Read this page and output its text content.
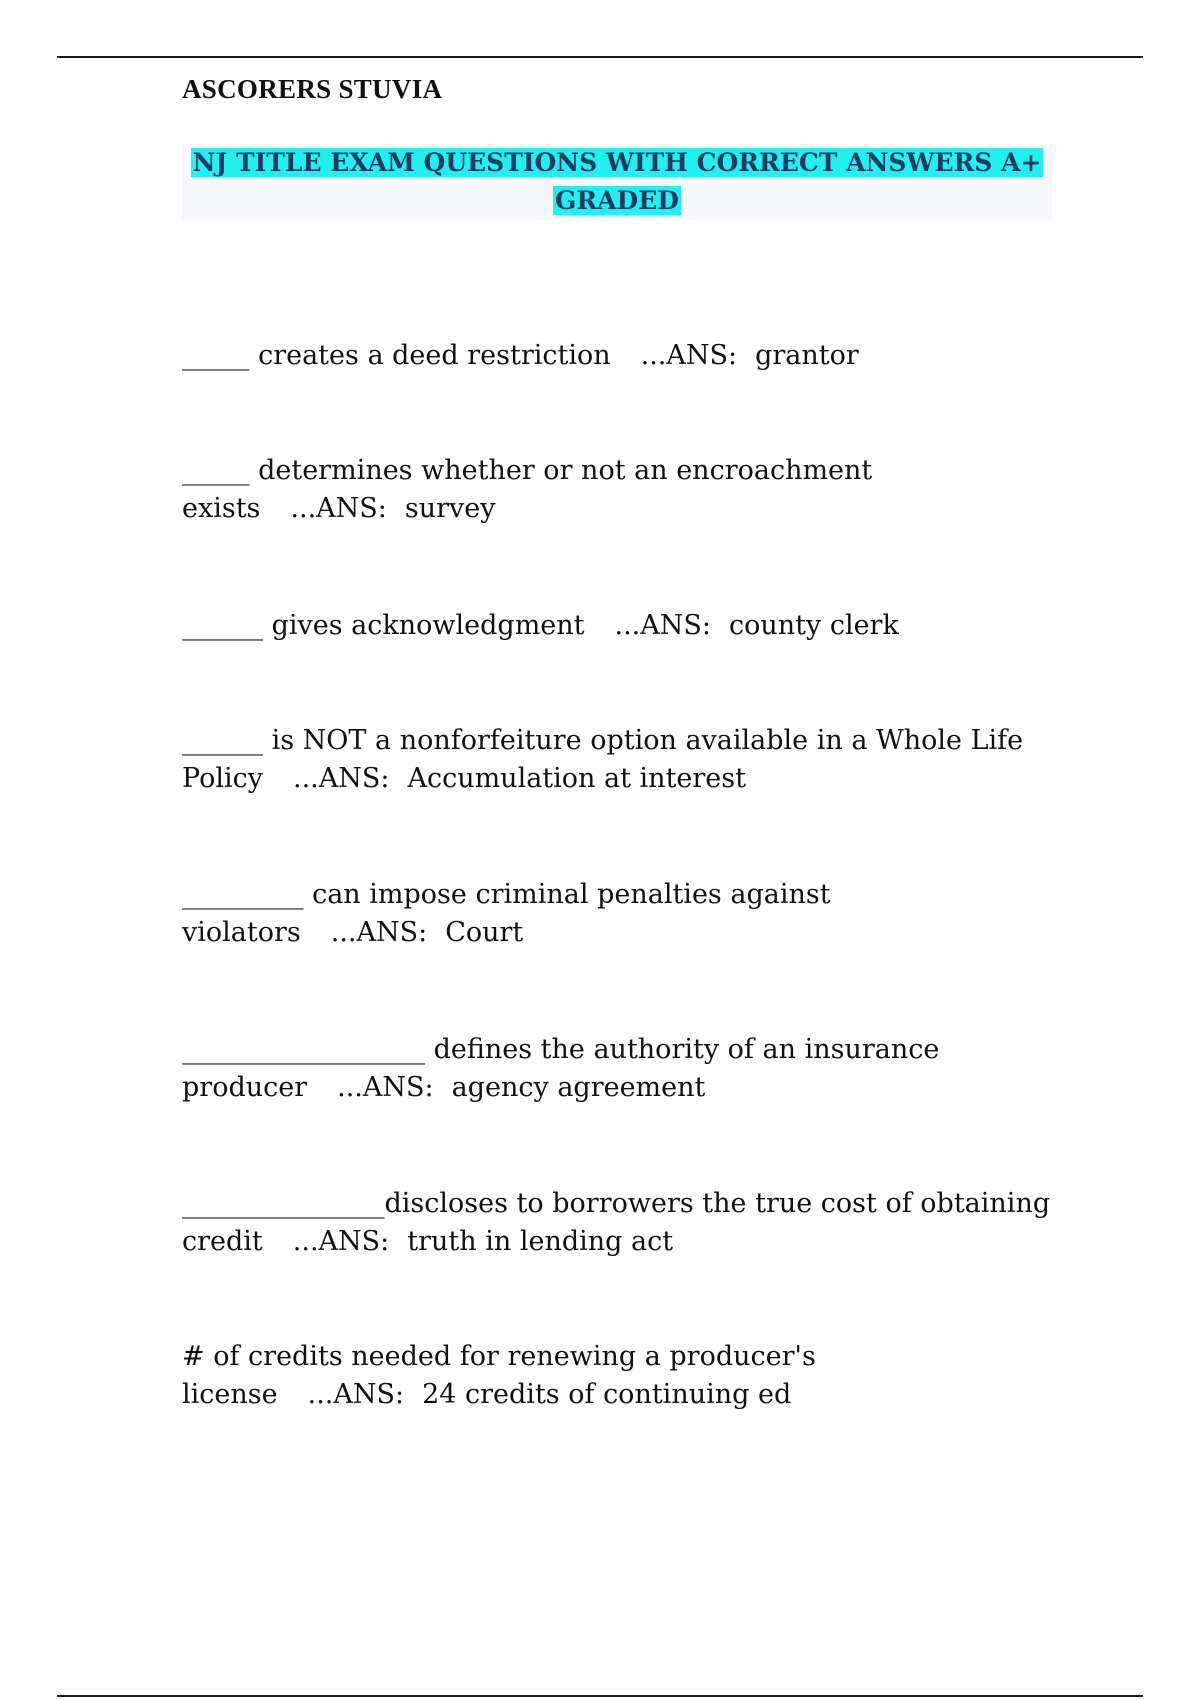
ASCORERS STUVIA
NJ TITLE EXAM QUESTIONS WITH CORRECT ANSWERS A+
GRADED
_____ creates a deed restriction ...ANS: grantor
_____ determines whether or not an encroachment exists ...ANS: survey
______ gives acknowledgment ...ANS: county clerk
______ is NOT a nonforfeiture option available in a Whole Life Policy ...ANS: Accumulation at interest
_________ can impose criminal penalties against violators ...ANS: Court
__________________ defines the authority of an insurance producer ...ANS: agency agreement
_______________discloses to borrowers the true cost of obtaining credit ...ANS: truth in lending act
# of credits needed for renewing a producer's license ...ANS: 24 credits of continuing ed
